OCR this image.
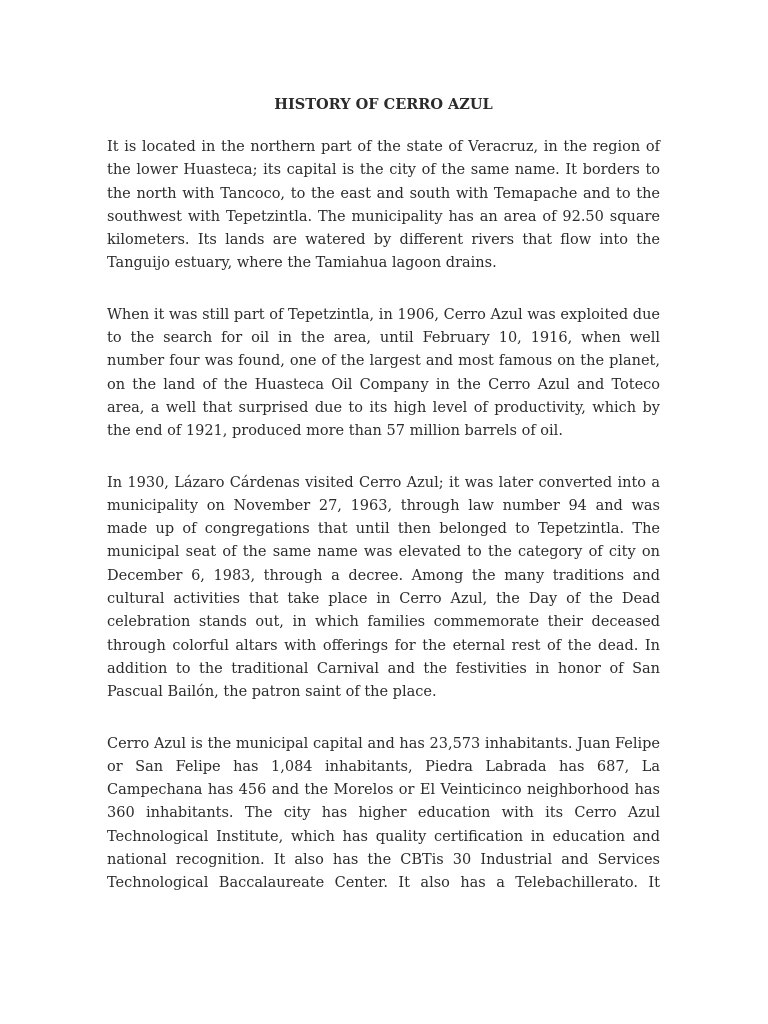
HISTORY OF CERRO AZUL

It is located in the northern part of the state of Veracruz, in the region of the lower Huasteca; its capital is the city of the same name. It borders to the north with Tancoco, to the east and south with Temapache and to the southwest with Tepetzintla. The municipality has an area of 92.50 square kilometers. Its lands are watered by different rivers that flow into the Tanguijo estuary, where the Tamiahua lagoon drains.

When it was still part of Tepetzintla, in 1906, Cerro Azul was exploited due to the search for oil in the area, until February 10, 1916, when well number four was found, one of the largest and most famous on the planet, on the land of the Huasteca Oil Company in the Cerro Azul and Toteco area, a well that surprised due to its high level of productivity, which by the end of 1921, produced more than 57 million barrels of oil.

In 1930, Lázaro Cárdenas visited Cerro Azul; it was later converted into a municipality on November 27, 1963, through law number 94 and was made up of congregations that until then belonged to Tepetzintla. The municipal seat of the same name was elevated to the category of city on December 6, 1983, through a decree. Among the many traditions and cultural activities that take place in Cerro Azul, the Day of the Dead celebration stands out, in which families commemorate their deceased through colorful altars with offerings for the eternal rest of the dead. In addition to the traditional Carnival and the festivities in honor of San Pascual Bailón, the patron saint of the place.

Cerro Azul is the municipal capital and has 23,573 inhabitants. Juan Felipe or San Felipe has 1,084 inhabitants, Piedra Labrada has 687, La Campechana has 456 and the Morelos or El Veinticinco neighborhood has 360 inhabitants. The city has higher education with its Cerro Azul Technological Institute, which has quality certification in education and national recognition. It also has the CBTis 30 Industrial and Services Technological Baccalaureate Center. It also has a Telebachillerato. It
